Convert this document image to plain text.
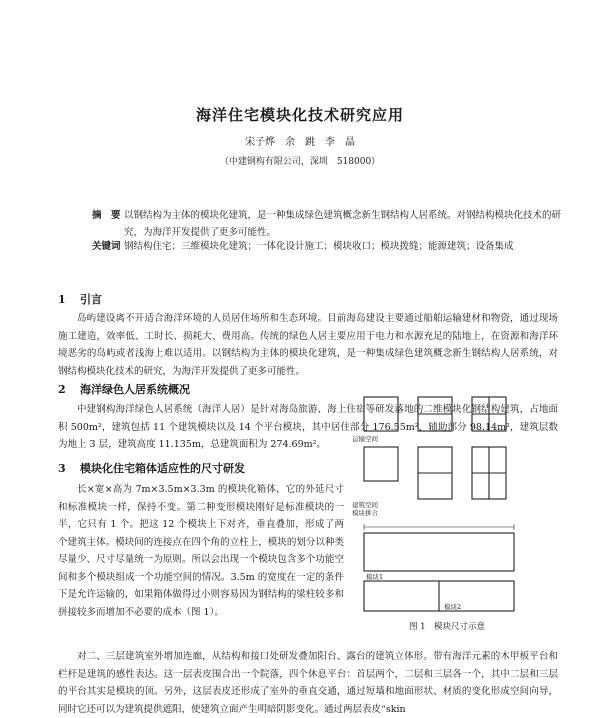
海洋住宅模块化技术研究应用
宋子烨　余　跳　李　晶
（中建钢构有限公司，深圳　518000）
摘　要 以钢结构为主体的模块化建筑，是一种集成绿色建筑概念新生钢结构人居系统。对钢结构模块化技术的研究，为海洋开发提供了更多可能性。
关键词 钢结构住宅；三维模块化建筑；一体化设计施工；模块收口；模块拨缝；能源建筑；设备集成
1 引言

岛屿建设离不开适合海洋环境的人员居住场所和生态环境。目前海岛建设主要通过船舶运输建材和物资，通过现场施工建造，效率低、工时长、损耗大、费用高。传统的绿色人居主要应用于电力和水源充足的陆地上，在资源和海洋环境恶劣的岛屿或者浅海上难以适用。以钢结构为主体的模块化建筑，是一种集成绿色建筑概念新生钢结构人居系统，对钢结构模块化技术的研究，为海洋开发提供了更多可能性。

2 海洋绿色人居系统概况

中建钢构海洋绿色人居系统（海洋人居）是针对海岛旅游、海上住宿等研发落地的二维模块化钢结构建筑，占地面积 500m²，建筑包括 11 个建筑模块以及 14 个平台模块，其中居住部分 176.55m²，辅助部分 98.14m²，建筑层数为地上 3 层，建筑高度 11.135m，总建筑面积为 274.69m²。

3 模块化住宅箱体适应性的尺寸研发

长×宽×高为 7m×3.5m×3.3m 的模块化箱体，它的外延尺寸和标准模块一样，保持不变。第二种变形模块刚好是标准模块的一半，它只有 1 个。把这 12 个模块上下对齐，垂直叠加，形成了两个建筑主体。模块间的连接点在四个角的立柱上，模块的划分以种类尽量少、尺寸尽量统一为原则。所以会出现一个模块包含多个功能空间和多个模块组成一个功能空间的情况。3.5m 的宽度在一定的条件下是允许运输的，如果箱体做得过小则容易因为钢结构的梁柱较多和拼接较多而增加不必要的成本（图 1）。

对二、三层建筑室外增加连廊，从结构和接口处研发叠加阳台、露台的建筑立体形。带有海洋元素的木甲板平台和栏杆是建筑的感性表达。这一层表皮围合出一个院落，四个休息平台：首层两个，二层和三层各一个，其中二层和三层的平台其实是模块的顶。另外，这层表皮还形成了室外的垂直交通，通过短墙和地面形状、材质的变化形成空间向导，同时它还可以为建筑提供遮阳，使建筑立面产生明暗阴影变化。通过两层表皮“skin

运输空间
建筑空间
模块拼合
模块1
模块2
图 1　模块尺寸示意
